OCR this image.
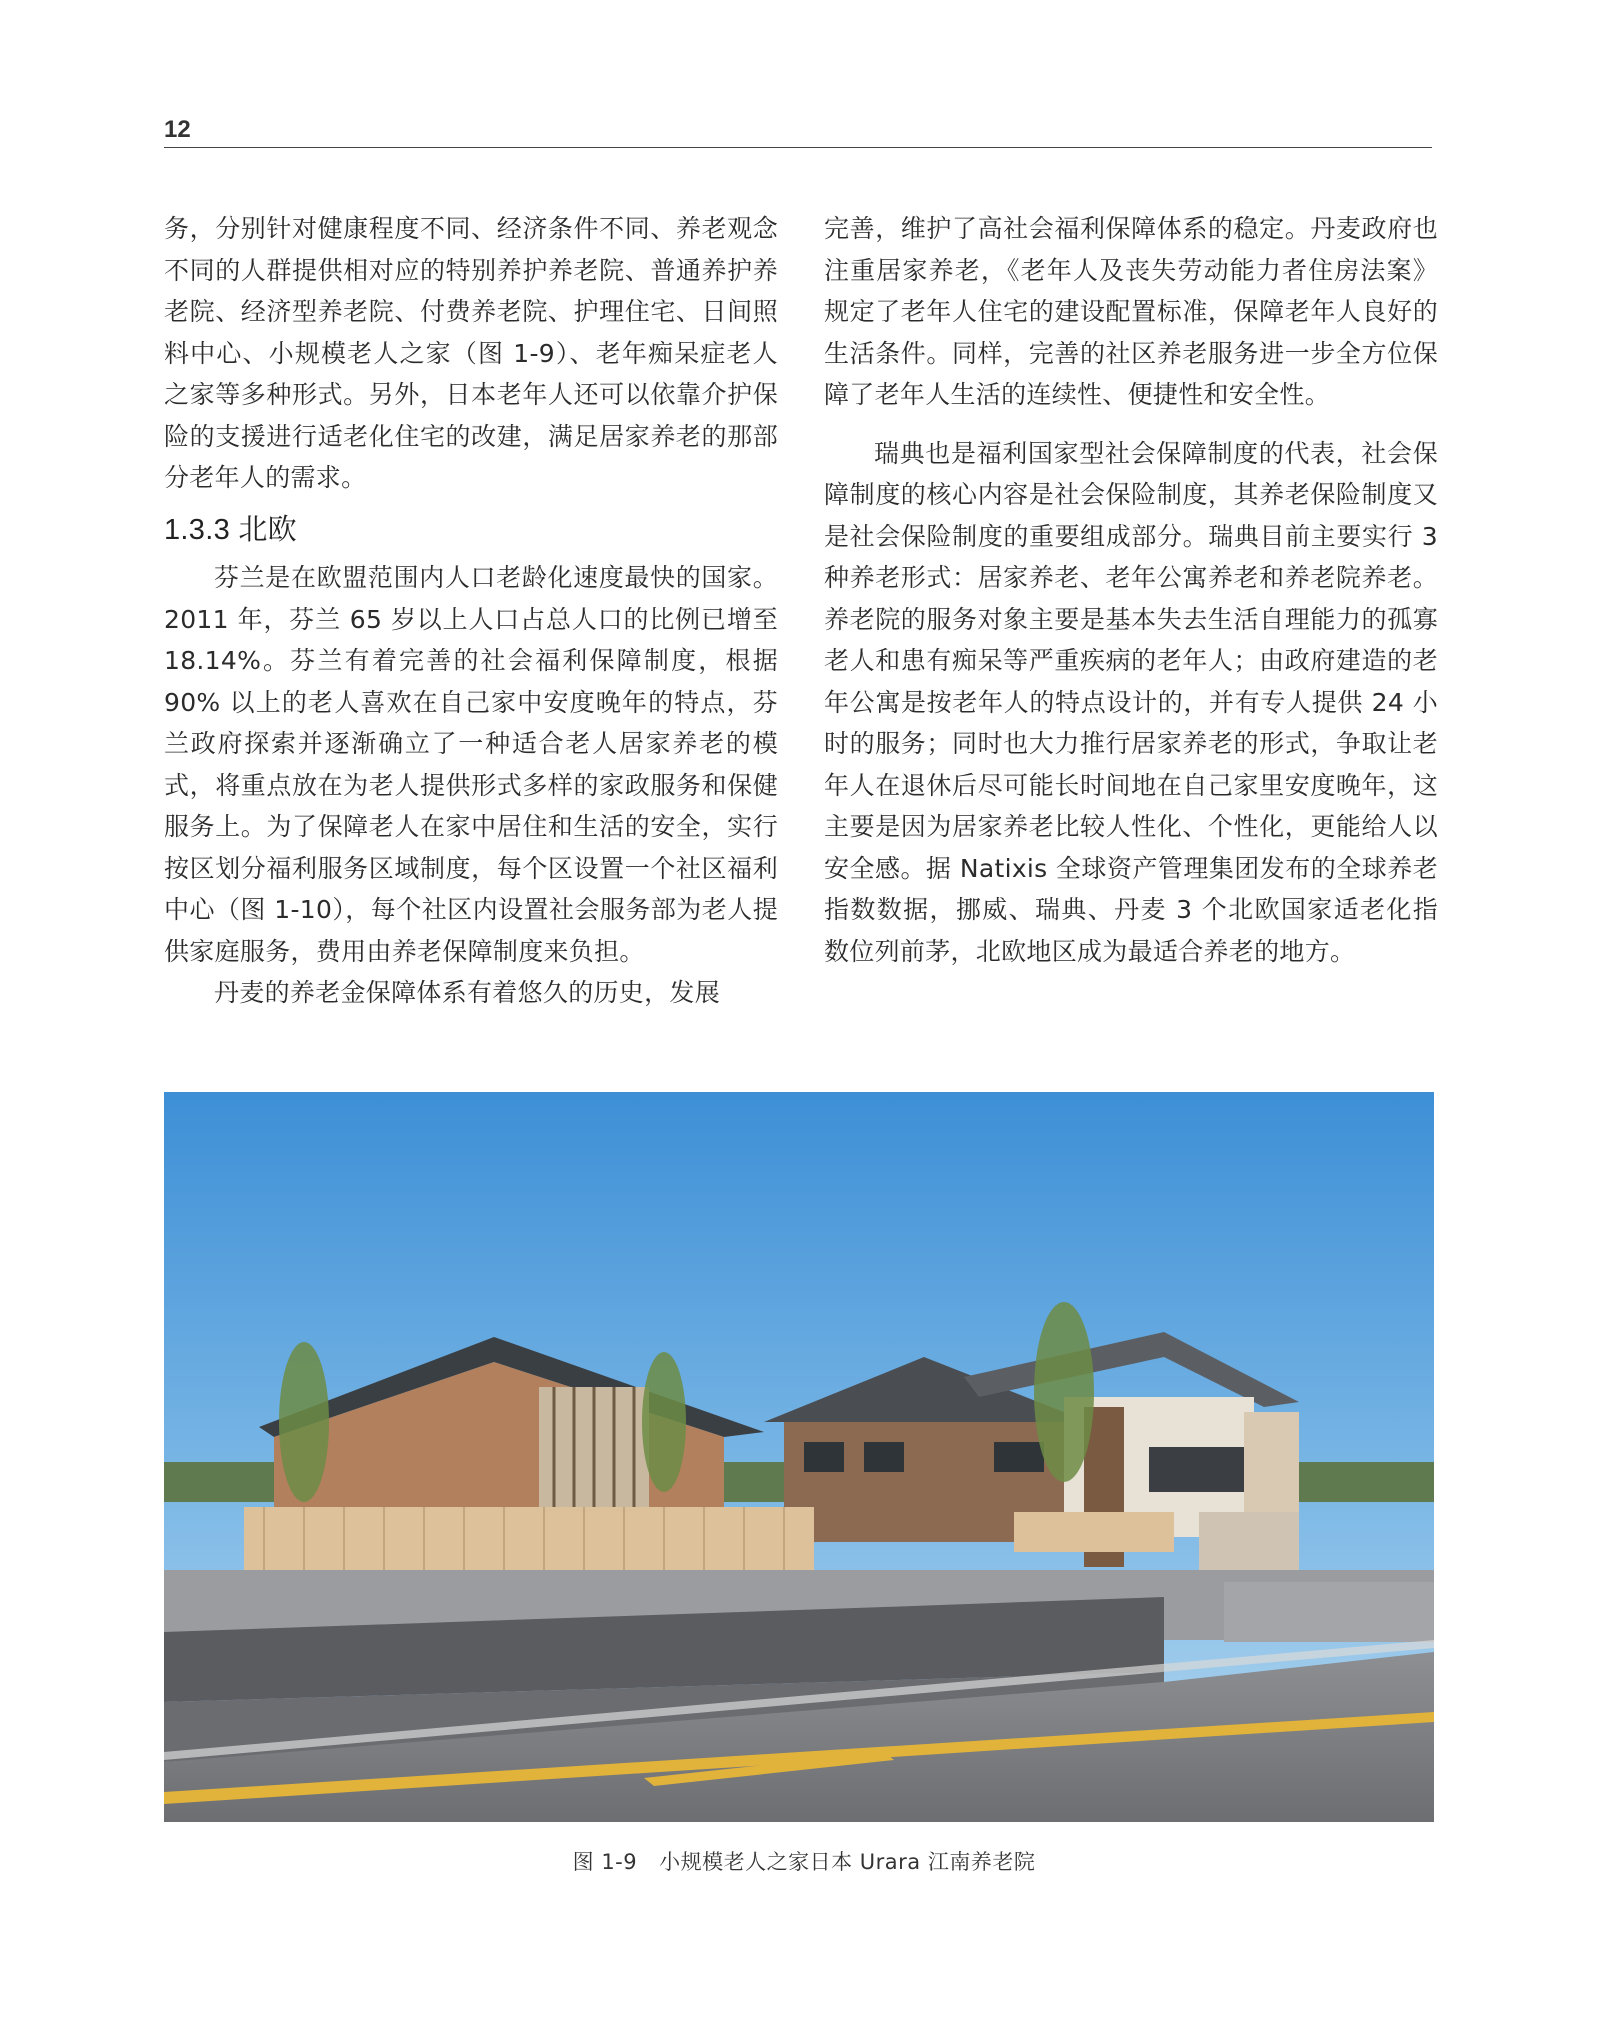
12

务，分别针对健康程度不同、经济条件不同、养老观念不同的人群提供相对应的特别养护养老院、普通养护养老院、经济型养老院、付费养老院、护理住宅、日间照料中心、小规模老人之家（图 1-9）、老年痴呆症老人之家等多种形式。另外，日本老年人还可以依靠介护保险的支援进行适老化住宅的改建，满足居家养老的那部分老年人的需求。

1.3.3 北欧

芬兰是在欧盟范围内人口老龄化速度最快的国家。2011 年，芬兰 65 岁以上人口占总人口的比例已增至 18.14%。芬兰有着完善的社会福利保障制度，根据 90% 以上的老人喜欢在自己家中安度晚年的特点，芬兰政府探索并逐渐确立了一种适合老人居家养老的模式，将重点放在为老人提供形式多样的家政服务和保健服务上。为了保障老人在家中居住和生活的安全，实行按区划分福利服务区域制度，每个区设置一个社区福利中心（图 1-10），每个社区内设置社会服务部为老人提供家庭服务，费用由养老保障制度来负担。

丹麦的养老金保障体系有着悠久的历史，发展

完善，维护了高社会福利保障体系的稳定。丹麦政府也注重居家养老，《老年人及丧失劳动能力者住房法案》规定了老年人住宅的建设配置标准，保障老年人良好的生活条件。同样，完善的社区养老服务进一步全方位保障了老年人生活的连续性、便捷性和安全性。

瑞典也是福利国家型社会保障制度的代表，社会保障制度的核心内容是社会保险制度，其养老保险制度又是社会保险制度的重要组成部分。瑞典目前主要实行 3 种养老形式：居家养老、老年公寓养老和养老院养老。养老院的服务对象主要是基本失去生活自理能力的孤寡老人和患有痴呆等严重疾病的老年人；由政府建造的老年公寓是按老年人的特点设计的，并有专人提供 24 小时的服务；同时也大力推行居家养老的形式，争取让老年人在退休后尽可能长时间地在自己家里安度晚年，这主要是因为居家养老比较人性化、个性化，更能给人以安全感。据 Natixis 全球资产管理集团发布的全球养老指数数据，挪威、瑞典、丹麦 3 个北欧国家适老化指数位列前茅，北欧地区成为最适合养老的地方。

图 1-9 小规模老人之家日本 Urara 江南养老院
